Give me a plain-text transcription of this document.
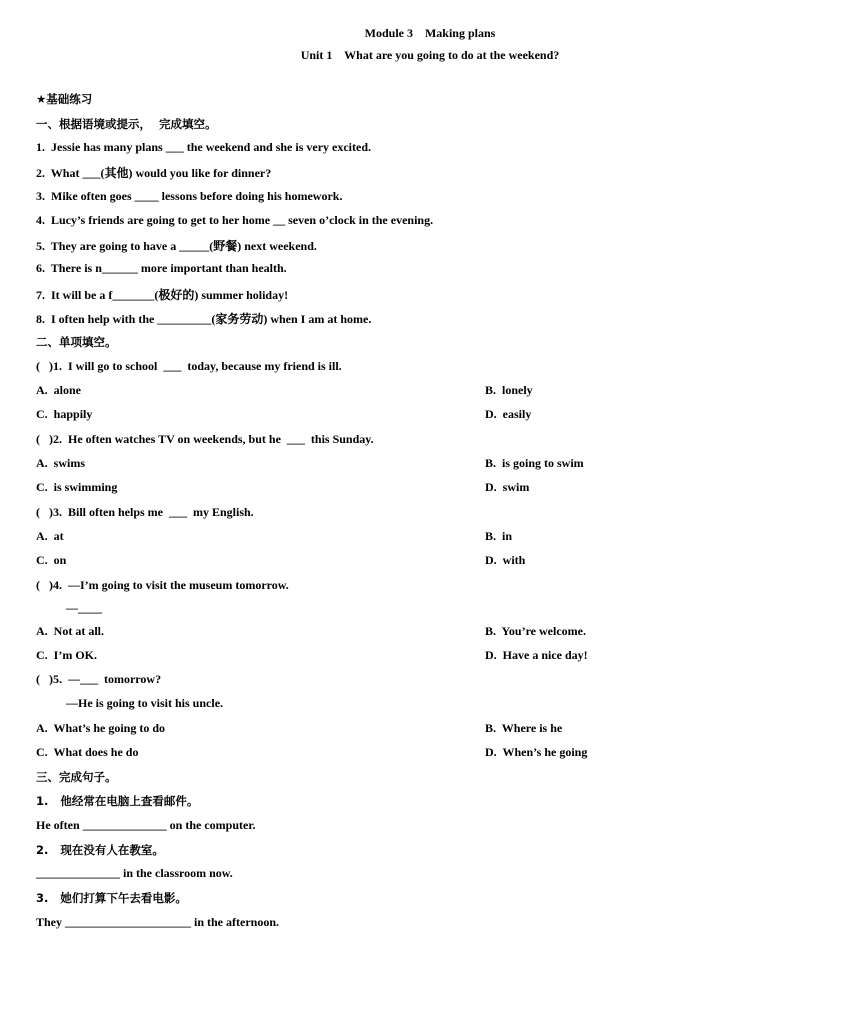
Module 3    Making plans
Unit 1    What are you going to do at the weekend?
★基础练习
一、根据语境或提示，  完成填空。
1.  Jessie has many plans ___ the weekend and she is very excited.
2.  What ___(其他) would you like for dinner?
3.  Mike often goes ____ lessons before doing his homework.
4.  Lucy’s friends are going to get to her home __ seven o’clock in the evening.
5.  They are going to have a _____(野餐) next weekend.
6.  There is n______ more important than health.
7.  It will be a f_______(极好的) summer holiday!
8.  I often help with the _________(家务劳动) when I am at home.
二、单项填空。
(   )1.  I will go to school  ___  today, because my friend is ill.
A.  alone	B.  lonely
C.  happily	D.  easily
(   )2.  He often watches TV on weekends, but he  ___  this Sunday.
A.  swims	B.  is going to swim
C.  is swimming	D.  swim
(   )3.  Bill often helps me  ___  my English.
A.  at	B.  in
C.  on	D.  with
(   )4.  —I’m going to visit the museum tomorrow.
—____
A.  Not at all.	B.  You’re welcome.
C.  I’m OK.	D.  Have a nice day!
(   )5.  —___  tomorrow?
—He is going to visit his uncle.
A.  What’s he going to do	B.  Where is he
C.  What does he do	D.  When’s he going
三、完成句子。
1.   他经常在电脑上查看邮件。
He often ______________ on the computer.
2.   现在没有人在教室。
______________ in the classroom now.
3.   她们打算下午去看电影。
They _____________________ in the afternoon.
